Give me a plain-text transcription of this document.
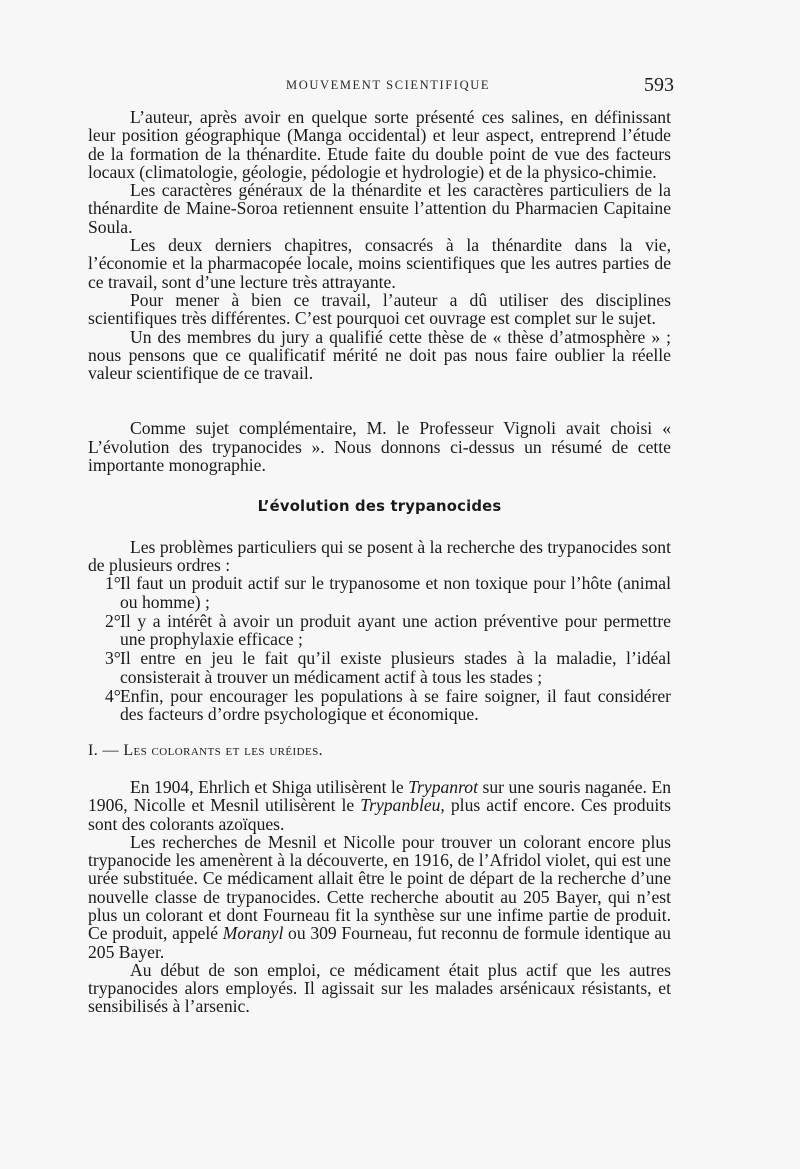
MOUVEMENT SCIENTIFIQUE	593

L’auteur, après avoir en quelque sorte présenté ces salines, en définissant leur position géographique (Manga occidental) et leur aspect, entreprend l’étude de la formation de la thénardite. Etude faite du double point de vue des facteurs locaux (climatologie, géologie, pédologie et hydrologie) et de la physico-chimie.

Les caractères généraux de la thénardite et les caractères particuliers de la thénardite de Maine-Soroa retiennent ensuite l’attention du Pharmacien Capitaine Soula.

Les deux derniers chapitres, consacrés à la thénardite dans la vie, l’économie et la pharmacopée locale, moins scientifiques que les autres parties de ce travail, sont d’une lecture très attrayante.

Pour mener à bien ce travail, l’auteur a dû utiliser des disciplines scientifiques très différentes. C’est pourquoi cet ouvrage est complet sur le sujet.

Un des membres du jury a qualifié cette thèse de « thèse d’atmosphère » ; nous pensons que ce qualificatif mérité ne doit pas nous faire oublier la réelle valeur scientifique de ce travail.

Comme sujet complémentaire, M. le Professeur Vignoli avait choisi « L’évolution des trypanocides ». Nous donnons ci-dessus un résumé de cette importante monographie.

L’évolution des trypanocides

Les problèmes particuliers qui se posent à la recherche des trypanocides sont de plusieurs ordres :

1° Il faut un produit actif sur le trypanosome et non toxique pour l’hôte (animal ou homme) ;
2° Il y a intérêt à avoir un produit ayant une action préventive pour permettre une prophylaxie efficace ;
3° Il entre en jeu le fait qu’il existe plusieurs stades à la maladie, l’idéal consisterait à trouver un médicament actif à tous les stades ;
4° Enfin, pour encourager les populations à se faire soigner, il faut considérer des facteurs d’ordre psychologique et économique.
I. — Les colorants et les uréides.

En 1904, Ehrlich et Shiga utilisèrent le Trypanrot sur une souris naganée. En 1906, Nicolle et Mesnil utilisèrent le Trypanbleu, plus actif encore. Ces produits sont des colorants azoïques.

Les recherches de Mesnil et Nicolle pour trouver un colorant encore plus trypanocide les amenèrent à la découverte, en 1916, de l’Afridol violet, qui est une urée substituée. Ce médicament allait être le point de départ de la recherche d’une nouvelle classe de trypanocides. Cette recherche aboutit au 205 Bayer, qui n’est plus un colorant et dont Fourneau fit la synthèse sur une infime partie de produit. Ce produit, appelé Moranyl ou 309 Fourneau, fut reconnu de formule identique au 205 Bayer.

Au début de son emploi, ce médicament était plus actif que les autres trypanocides alors employés. Il agissait sur les malades arsénicaux résistants, et sensibilisés à l’arsenic.
